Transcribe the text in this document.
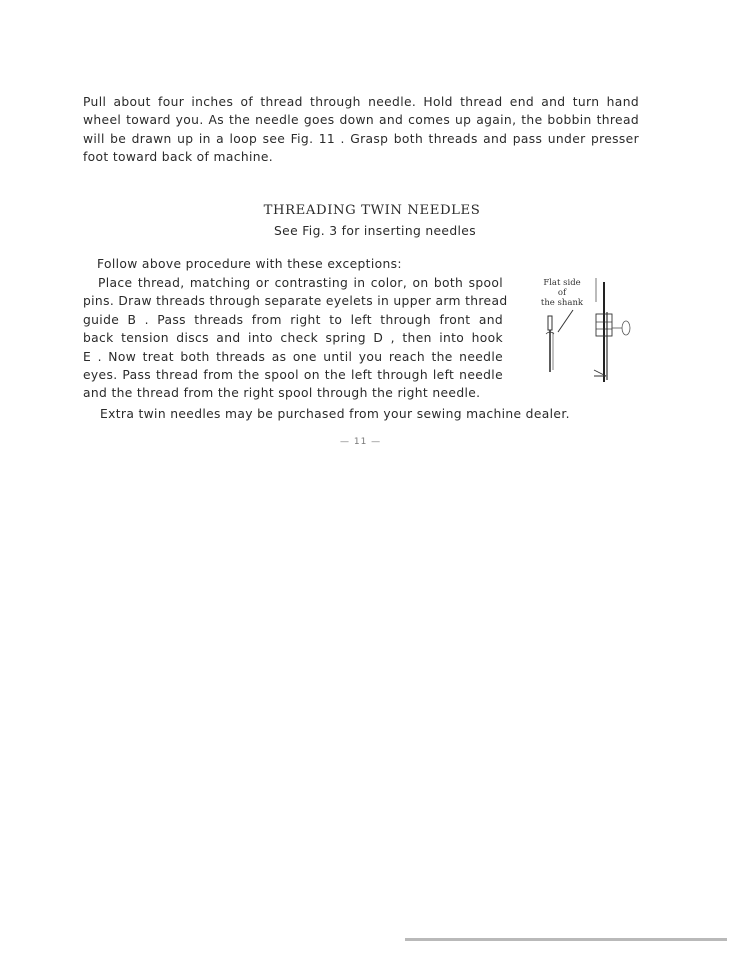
Pull about four inches of thread through needle. Hold thread end and turn hand
wheel toward you. As the needle goes down and comes up again, the bobbin thread
will be drawn up in a loop see Fig. 11 . Grasp both threads and pass under presser
foot toward back of machine.
THREADING TWIN NEEDLES
See Fig. 3 for inserting needles
Follow above procedure with these exceptions:
Place thread, matching or contrasting in color, on both spool
pins. Draw threads through separate eyelets in upper arm thread
guide B . Pass threads from right to left through front and
back tension discs and into check spring D , then into hook
E . Now treat both threads as one until you reach the needle
eyes. Pass thread from the spool on the left through left needle
and the thread from the right spool through the right needle.
Flat side
of
the shank
Extra twin needles may be purchased from your sewing machine dealer.
— 11 —
